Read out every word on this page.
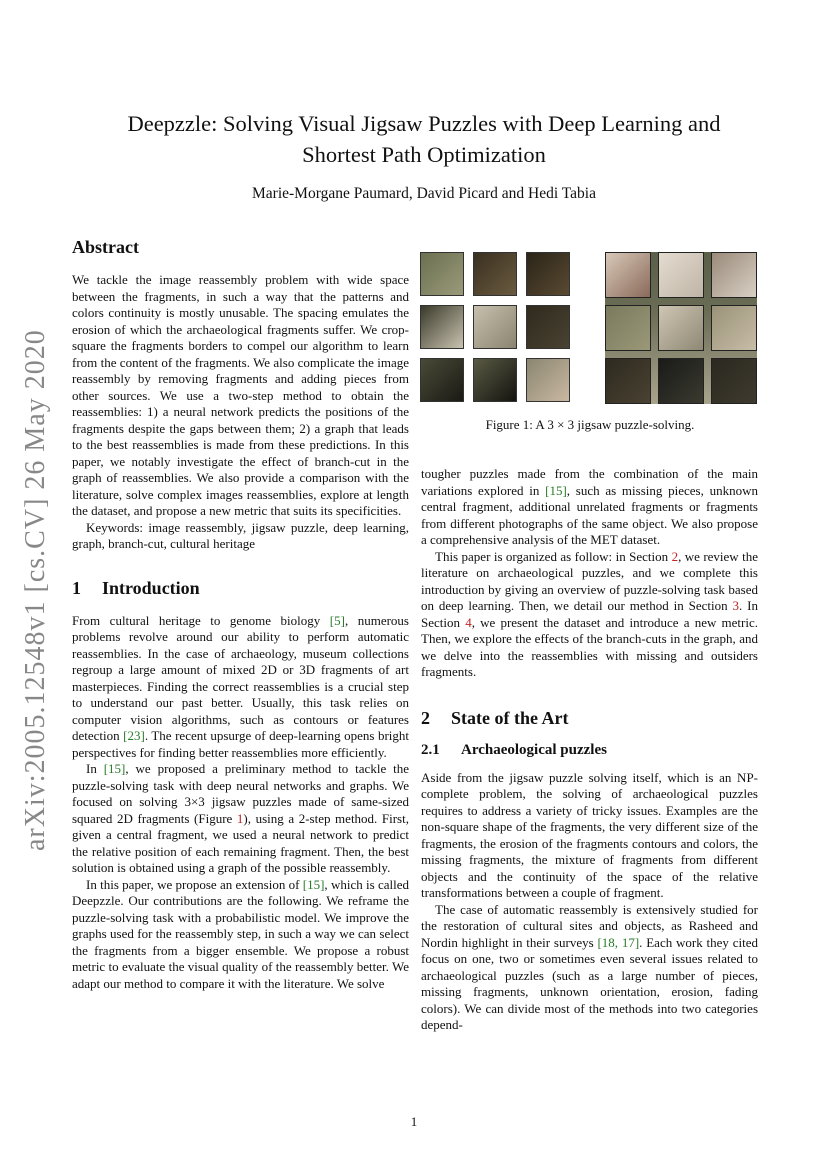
arXiv:2005.12548v1 [cs.CV] 26 May 2020
Deepzzle: Solving Visual Jigsaw Puzzles with Deep Learning and
Shortest Path Optimization
Marie-Morgane Paumard, David Picard and Hedi Tabia
Abstract

We tackle the image reassembly problem with wide space between the fragments, in such a way that the patterns and colors continuity is mostly unusable. The spacing emulates the erosion of which the archaeological fragments suffer. We crop-square the fragments borders to compel our algorithm to learn from the content of the fragments. We also complicate the image reassembly by removing fragments and adding pieces from other sources. We use a two-step method to obtain the reassemblies: 1) a neural network predicts the positions of the fragments despite the gaps between them; 2) a graph that leads to the best reassemblies is made from these predictions. In this paper, we notably investigate the effect of branch-cut in the graph of reassemblies. We also provide a comparison with the literature, solve complex images reassemblies, explore at length the dataset, and propose a new metric that suits its specificities.

Keywords: image reassembly, jigsaw puzzle, deep learning, graph, branch-cut, cultural heritage

1 Introduction

From cultural heritage to genome biology [5], numerous problems revolve around our ability to perform automatic reassemblies. In the case of archaeology, museum collections regroup a large amount of mixed 2D or 3D fragments of art masterpieces. Finding the correct reassemblies is a crucial step to understand our past better. Usually, this task relies on computer vision algorithms, such as contours or features detection [23]. The recent upsurge of deep-learning opens bright perspectives for finding better reassemblies more efficiently.

In [15], we proposed a preliminary method to tackle the puzzle-solving task with deep neural networks and graphs. We focused on solving 3×3 jigsaw puzzles made of same-sized squared 2D fragments (Figure 1), using a 2-step method. First, given a central fragment, we used a neural network to predict the relative position of each remaining fragment. Then, the best solution is obtained using a graph of the possible reassembly.

In this paper, we propose an extension of [15], which is called Deepzzle. Our contributions are the following. We reframe the puzzle-solving task with a probabilistic model. We improve the graphs used for the reassembly step, in such a way we can select the fragments from a bigger ensemble. We propose a robust metric to evaluate the visual quality of the reassembly better. We adapt our method to compare it with the literature. We solve

Figure 1: A 3 × 3 jigsaw puzzle-solving.

tougher puzzles made from the combination of the main variations explored in [15], such as missing pieces, unknown central fragment, additional unrelated fragments or fragments from different photographs of the same object. We also propose a comprehensive analysis of the MET dataset.

This paper is organized as follow: in Section 2, we review the literature on archaeological puzzles, and we complete this introduction by giving an overview of puzzle-solving task based on deep learning. Then, we detail our method in Section 3. In Section 4, we present the dataset and introduce a new metric. Then, we explore the effects of the branch-cuts in the graph, and we delve into the reassemblies with missing and outsiders fragments.

2 State of the Art
2.1 Archaeological puzzles

Aside from the jigsaw puzzle solving itself, which is an NP-complete problem, the solving of archaeological puzzles requires to address a variety of tricky issues. Examples are the non-square shape of the fragments, the very different size of the fragments, the erosion of the fragments contours and colors, the missing fragments, the mixture of fragments from different objects and the continuity of the space of the relative transformations between a couple of fragment.

The case of automatic reassembly is extensively studied for the restoration of cultural sites and objects, as Rasheed and Nordin highlight in their surveys [18, 17]. Each work they cited focus on one, two or sometimes even several issues related to archaeological puzzles (such as a large number of pieces, missing fragments, unknown orientation, erosion, fading colors). We can divide most of the methods into two categories depend-

1
